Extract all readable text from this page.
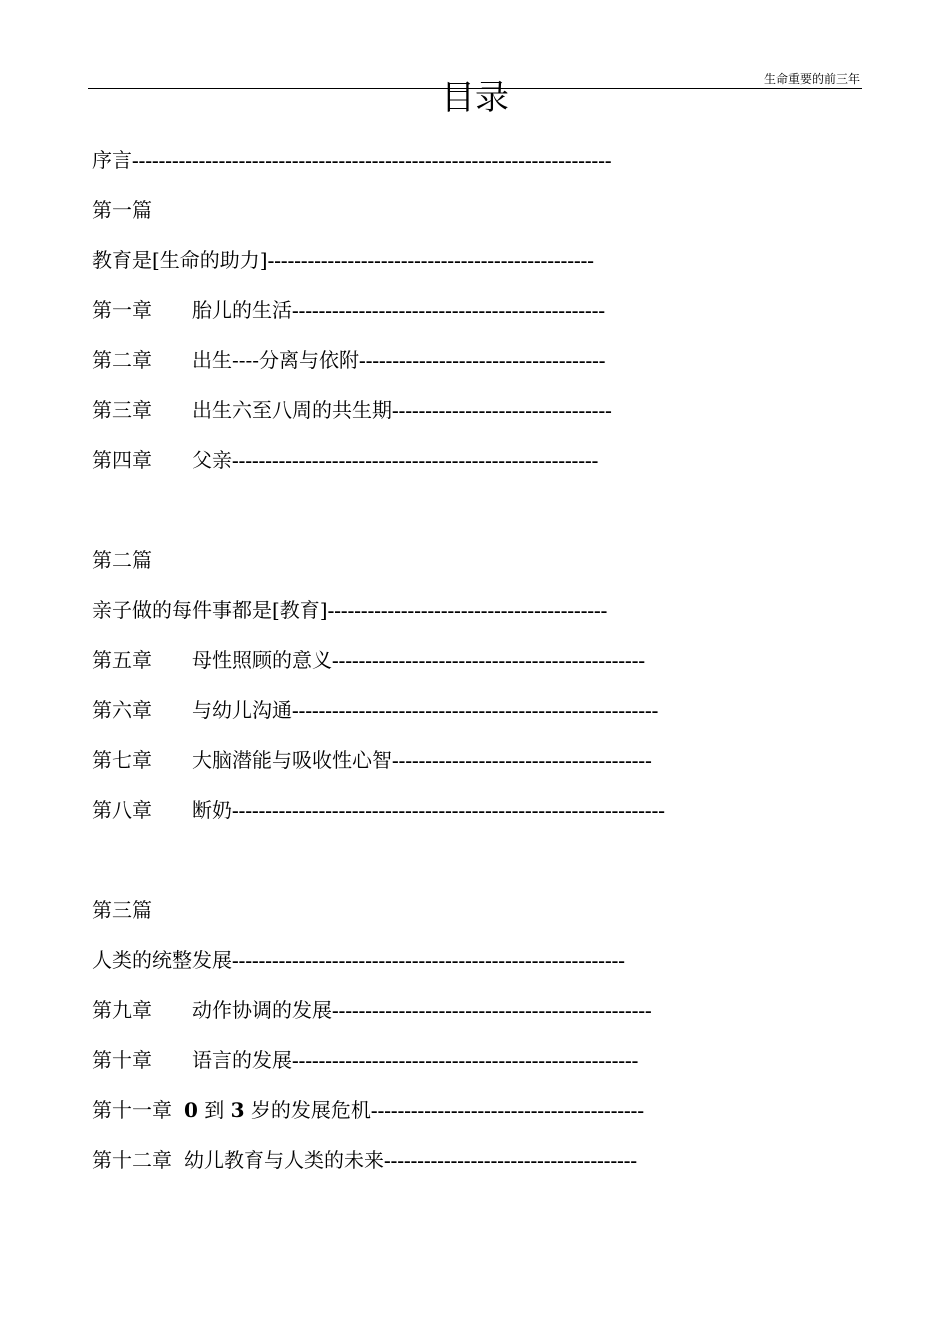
生命重要的前三年
目录
序言------------------------------------------------------------------------
第一篇
教育是[生命的助力]-------------------------------------------------
第一章 胎儿的生活-----------------------------------------------
第二章 出生----分离与依附-------------------------------------
第三章 出生六至八周的共生期---------------------------------
第四章 父亲-------------------------------------------------------
第二篇
亲子做的每件事都是[教育]------------------------------------------
第五章 母性照顾的意义-----------------------------------------------
第六章 与幼儿沟通-------------------------------------------------------
第七章 大脑潜能与吸收性心智---------------------------------------
第八章 断奶-----------------------------------------------------------------
第三篇
人类的统整发展-----------------------------------------------------------
第九章 动作协调的发展------------------------------------------------
第十章 语言的发展----------------------------------------------------
第十一章 0 到 3 岁的发展危机-----------------------------------------
第十二章 幼儿教育与人类的未来--------------------------------------
